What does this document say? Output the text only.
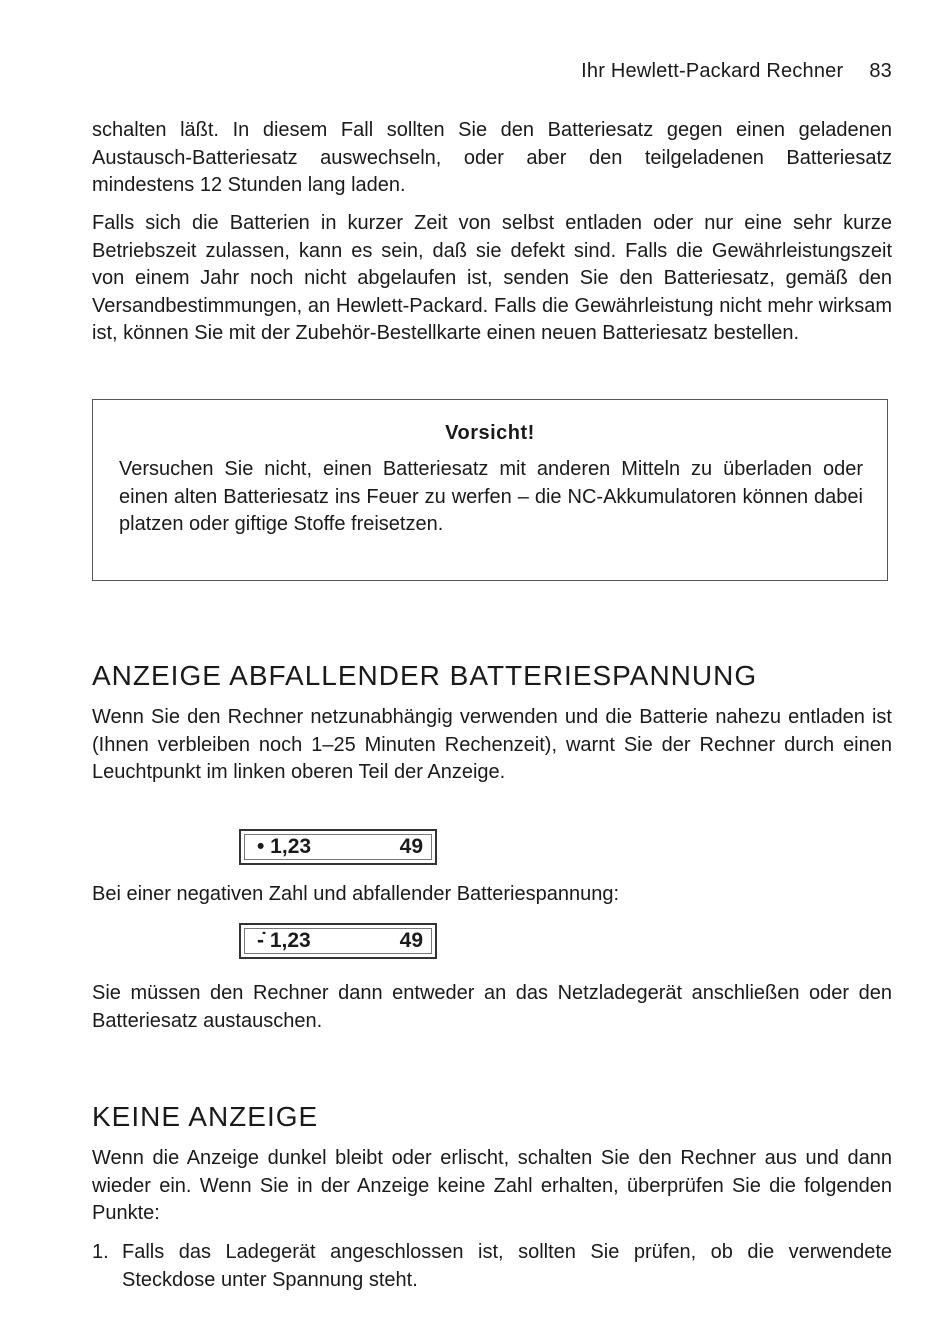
Ihr Hewlett-Packard Rechner 83

schalten läßt. In diesem Fall sollten Sie den Batteriesatz gegen einen geladenen Austausch-Batteriesatz auswechseln, oder aber den teilgeladenen Batteriesatz mindestens 12 Stunden lang laden.

Falls sich die Batterien in kurzer Zeit von selbst entladen oder nur eine sehr kurze Betriebszeit zulassen, kann es sein, daß sie defekt sind. Falls die Gewährleistungszeit von einem Jahr noch nicht abgelaufen ist, senden Sie den Batteriesatz, gemäß den Versandbestimmungen, an Hewlett-Packard. Falls die Gewährleistung nicht mehr wirksam ist, können Sie mit der Zubehör-Bestellkarte einen neuen Batteriesatz bestellen.

Vorsicht!

Versuchen Sie nicht, einen Batteriesatz mit anderen Mitteln zu überladen oder einen alten Batteriesatz ins Feuer zu werfen – die NC-Akkumulatoren können dabei platzen oder giftige Stoffe freisetzen.

ANZEIGE ABFALLENDER BATTERIESPANNUNG

Wenn Sie den Rechner netzunabhängig verwenden und die Batterie nahezu entladen ist (Ihnen verbleiben noch 1–25 Minuten Rechenzeit), warnt Sie der Rechner durch einen Leuchtpunkt im linken oberen Teil der Anzeige.

• 1,23	49

Bei einer negativen Zahl und abfallender Batteriespannung:

-̇ 1,23	49

Sie müssen den Rechner dann entweder an das Netzladegerät anschließen oder den Batteriesatz austauschen.

KEINE ANZEIGE

Wenn die Anzeige dunkel bleibt oder erlischt, schalten Sie den Rechner aus und dann wieder ein. Wenn Sie in der Anzeige keine Zahl erhalten, überprüfen Sie die folgenden Punkte:

1. Falls das Ladegerät angeschlossen ist, sollten Sie prüfen, ob die verwendete Steckdose unter Spannung steht.
